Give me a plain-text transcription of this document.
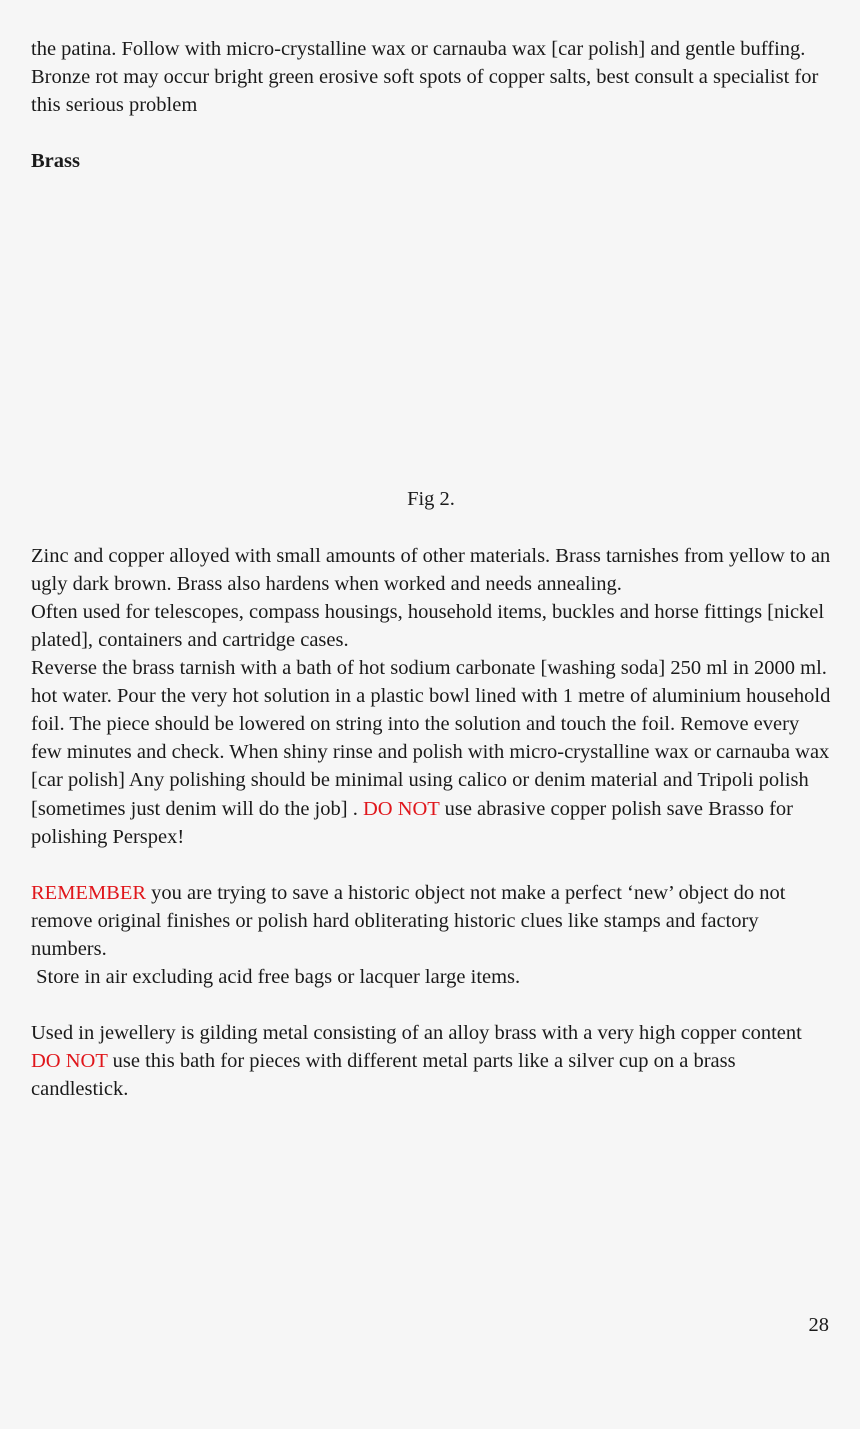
the patina. Follow with micro-crystalline wax or carnauba wax [car polish] and gentle buffing.

Bronze rot may occur bright green erosive soft spots of copper salts, best consult a specialist for this serious problem

Brass

Fig 2.

Zinc and copper alloyed with small amounts of other materials. Brass tarnishes from yellow to an ugly dark brown. Brass also hardens when worked and needs annealing.

Often used for telescopes, compass housings, household items, buckles and horse fittings [nickel plated], containers and cartridge cases.

Reverse the brass tarnish with a bath of hot sodium carbonate [washing soda] 250 ml in 2000 ml. hot water. Pour the very hot solution in a plastic bowl lined with 1 metre of aluminium household foil. The piece should be lowered on string into the solution and touch the foil. Remove every few minutes and check. When shiny rinse and polish with micro-crystalline wax or carnauba wax [car polish] Any polishing should be minimal using calico or denim material and Tripoli polish [sometimes just denim will do the job] . DO NOT use abrasive copper polish save Brasso for polishing Perspex!

REMEMBER you are trying to save a historic object not make a perfect ‘new’ object do not remove original finishes or polish hard obliterating historic clues like stamps and factory numbers.

Store in air excluding acid free bags or lacquer large items.

Used in jewellery is gilding metal consisting of an alloy brass with a very high copper content

DO NOT use this bath for pieces with different metal parts like a silver cup on a brass candlestick.

28
